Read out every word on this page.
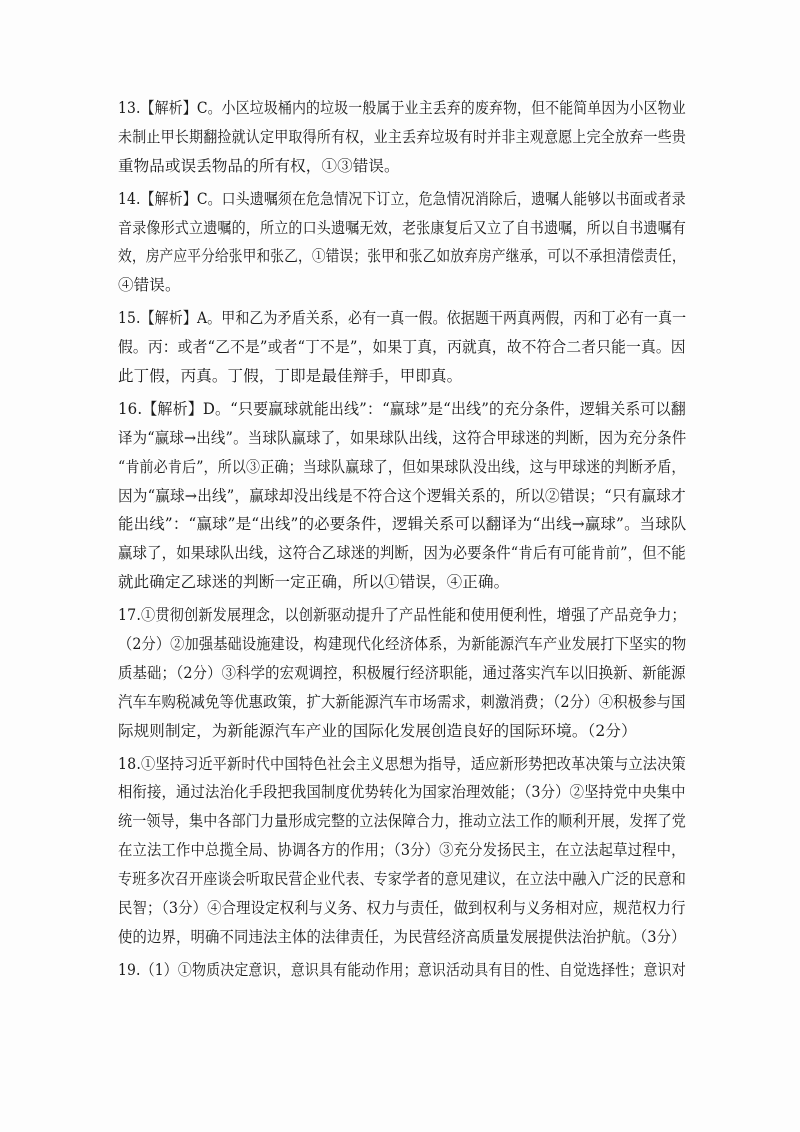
13.【解析】C。小区垃圾桶内的垃圾一般属于业主丢弃的废弃物，但不能简单因为小区物业
未制止甲长期翻捡就认定甲取得所有权，业主丢弃垃圾有时并非主观意愿上完全放弃一些贵
重物品或误丢物品的所有权，①③错误。
14.【解析】C。口头遗嘱须在危急情况下订立，危急情况消除后，遗嘱人能够以书面或者录
音录像形式立遗嘱的，所立的口头遗嘱无效，老张康复后又立了自书遗嘱，所以自书遗嘱有
效，房产应平分给张甲和张乙，①错误；张甲和张乙如放弃房产继承，可以不承担清偿责任，
④错误。
15.【解析】A。甲和乙为矛盾关系，必有一真一假。依据题干两真两假，丙和丁必有一真一
假。丙：或者“乙不是”或者“丁不是”，如果丁真，丙就真，故不符合二者只能一真。因
此丁假，丙真。丁假，丁即是最佳辩手，甲即真。
16.【解析】D。“只要赢球就能出线”：“赢球”是“出线”的充分条件，逻辑关系可以翻
译为“赢球→出线”。当球队赢球了，如果球队出线，这符合甲球迷的判断，因为充分条件
“肯前必肯后”，所以③正确；当球队赢球了，但如果球队没出线，这与甲球迷的判断矛盾，
因为“赢球→出线”，赢球却没出线是不符合这个逻辑关系的，所以②错误；“只有赢球才
能出线”：“赢球”是“出线”的必要条件，逻辑关系可以翻译为“出线→赢球”。当球队
赢球了，如果球队出线，这符合乙球迷的判断，因为必要条件“肯后有可能肯前”，但不能
就此确定乙球迷的判断一定正确，所以①错误，④正确。
17.①贯彻创新发展理念，以创新驱动提升了产品性能和使用便利性，增强了产品竞争力；
（2分）②加强基础设施建设，构建现代化经济体系，为新能源汽车产业发展打下坚实的物
质基础；（2分）③科学的宏观调控，积极履行经济职能，通过落实汽车以旧换新、新能源
汽车车购税减免等优惠政策，扩大新能源汽车市场需求，刺激消费；（2分）④积极参与国
际规则制定，为新能源汽车产业的国际化发展创造良好的国际环境。（2分）
18.①坚持习近平新时代中国特色社会主义思想为指导，适应新形势把改革决策与立法决策
相衔接，通过法治化手段把我国制度优势转化为国家治理效能；（3分）②坚持党中央集中
统一领导，集中各部门力量形成完整的立法保障合力，推动立法工作的顺利开展，发挥了党
在立法工作中总揽全局、协调各方的作用；（3分）③充分发扬民主，在立法起草过程中，
专班多次召开座谈会听取民营企业代表、专家学者的意见建议，在立法中融入广泛的民意和
民智；（3分）④合理设定权利与义务、权力与责任，做到权利与义务相对应，规范权力行
使的边界，明确不同违法主体的法律责任，为民营经济高质量发展提供法治护航。（3分）
19.（1）①物质决定意识，意识具有能动作用；意识活动具有目的性、自觉选择性；意识对
